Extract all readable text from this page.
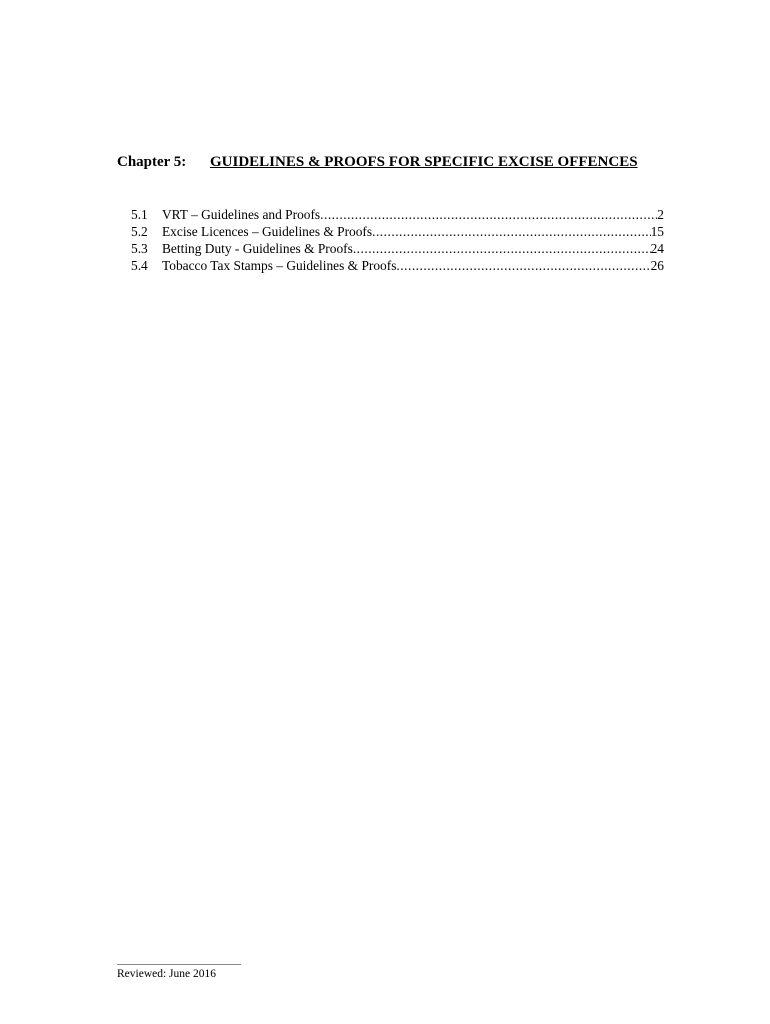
Chapter 5: GUIDELINES & PROOFS FOR SPECIFIC EXCISE OFFENCES
5.1	VRT – Guidelines and Proofs .....	2
5.2	Excise Licences – Guidelines & Proofs .....	15
5.3	Betting Duty - Guidelines & Proofs .....	24
5.4	Tobacco Tax Stamps – Guidelines & Proofs .....	26
Reviewed: June 2016
